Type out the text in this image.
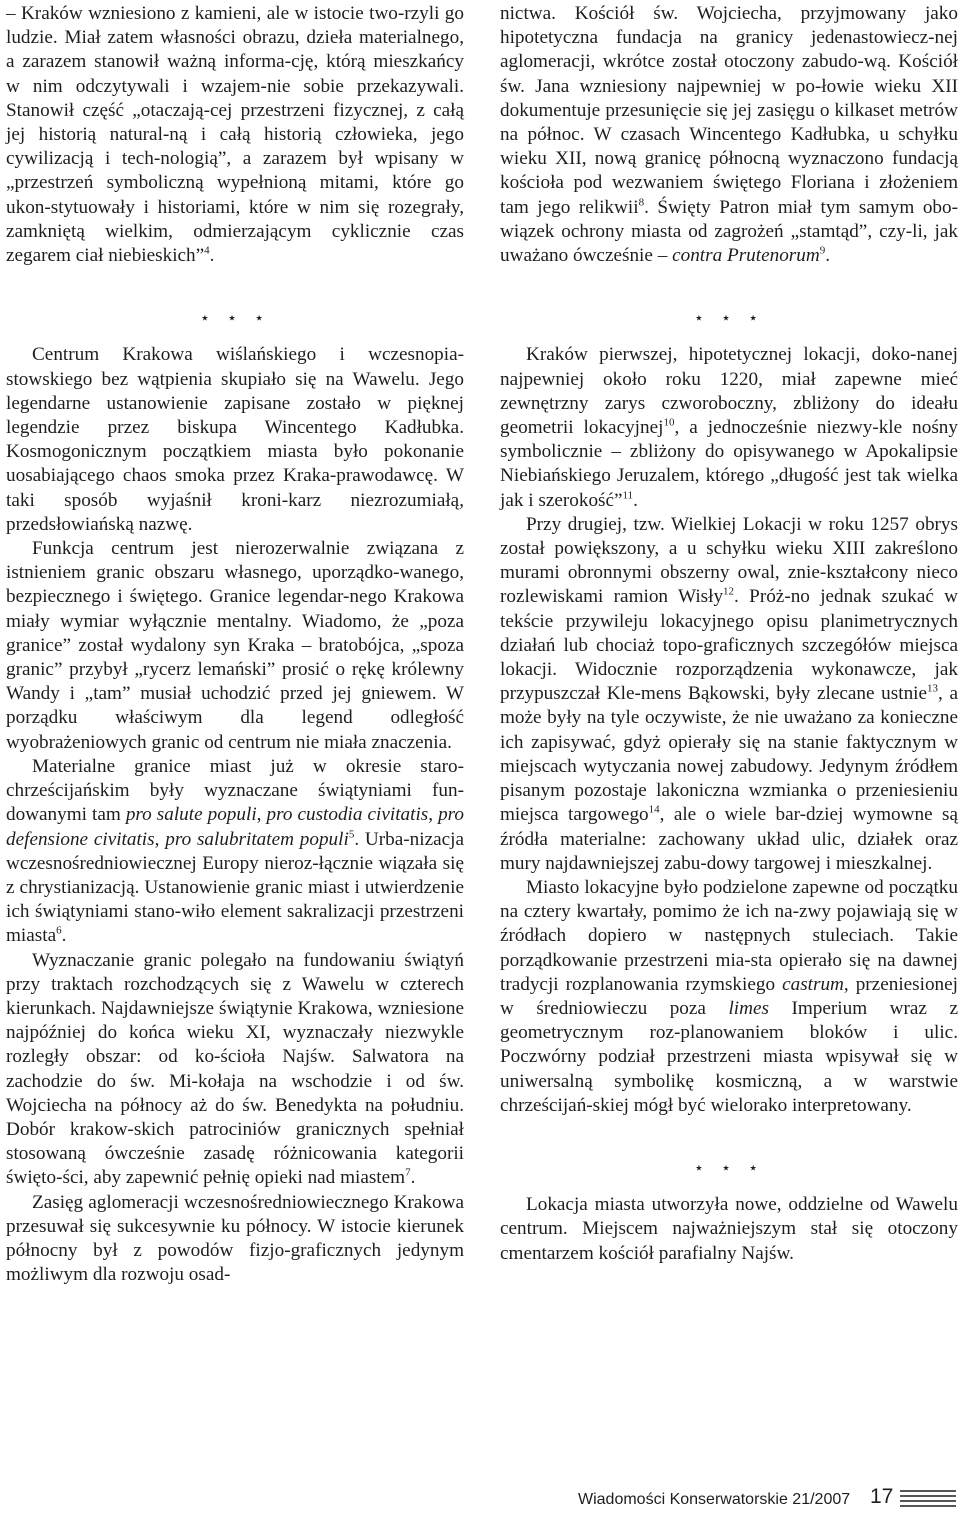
– Kraków wzniesiono z kamieni, ale w istocie two-rzyli go ludzie. Miał zatem własności obrazu, dzieła materialnego, a zarazem stanowił ważną informa-cję, którą mieszkańcy w nim odczytywali i wzajem-nie sobie przekazywali. Stanowił część „otaczają-cej przestrzeni fizycznej, z całą jej historią natural-ną i całą historią człowieka, jego cywilizacją i tech-nologią”, a zarazem był wpisany w „przestrzeń symboliczną wypełnioną mitami, które go ukon-stytuowały i historiami, które w nim się rozegrały, zamkniętą wielkim, odmierzającym cyklicznie czas zegarem ciał niebieskich”$^4$.

⋆ ⋆ ⋆

Centrum Krakowa wiślańskiego i wczesnopia-stowskiego bez wątpienia skupiało się na Wawelu. Jego legendarne ustanowienie zapisane zostało w pięknej legendzie przez biskupa Wincentego Kadłubka. Kosmogonicznym początkiem miasta było pokonanie uosabiającego chaos smoka przez Kraka-prawodawcę. W taki sposób wyjaśnił kroni-karz niezrozumiałą, przedsłowiańską nazwę.

Funkcja centrum jest nierozerwalnie związana z istnieniem granic obszaru własnego, uporządko-wanego, bezpiecznego i świętego. Granice legendar-nego Krakowa miały wymiar wyłącznie mentalny. Wiadomo, że „poza granice” został wydalony syn Kraka – bratobójca, „spoza granic” przybył „rycerz lemański” prosić o rękę królewny Wandy i „tam” musiał uchodzić przed jej gniewem. W porządku właściwym dla legend odległość wyobrażeniowych granic od centrum nie miała znaczenia.

Materialne granice miast już w okresie staro-chrześcijańskim były wyznaczane świątyniami fun-dowanymi tam pro salute populi, pro custodia civitatis, pro defensione civitatis, pro salubritatem populi$^5$. Urba-nizacja wczesnośredniowiecznej Europy nieroz-łącznie wiązała się z chrystianizacją. Ustanowienie granic miast i utwierdzenie ich świątyniami stano-wiło element sakralizacji przestrzeni miasta$^6$.

Wyznaczanie granic polegało na fundowaniu świątyń przy traktach rozchodzących się z Wawelu w czterech kierunkach. Najdawniejsze świątynie Krakowa, wzniesione najpóźniej do końca wieku XI, wyznaczały niezwykle rozległy obszar: od ko-ścioła Najśw. Salwatora na zachodzie do św. Mi-kołaja na wschodzie i od św. Wojciecha na północy aż do św. Benedykta na południu. Dobór krakow-skich patrociniów granicznych spełniał stosowaną ówcześnie zasadę różnicowania kategorii święto-ści, aby zapewnić pełnię opieki nad miastem$^7$.

Zasięg aglomeracji wczesnośredniowiecznego Krakowa przesuwał się sukcesywnie ku północy. W istocie kierunek północny był z powodów fizjo-graficznych jedynym możliwym dla rozwoju osad-

nictwa. Kościół św. Wojciecha, przyjmowany jako hipotetyczna fundacja na granicy jedenastowiecz-nej aglomeracji, wkrótce został otoczony zabudo-wą. Kościół św. Jana wzniesiony najpewniej w po-łowie wieku XII dokumentuje przesunięcie się jej zasięgu o kilkaset metrów na północ. W czasach Wincentego Kadłubka, u schyłku wieku XII, nową granicę północną wyznaczono fundacją kościoła pod wezwaniem świętego Floriana i złożeniem tam jego relikwii$^8$. Święty Patron miał tym samym obo-wiązek ochrony miasta od zagrożeń „stamtąd”, czy-li, jak uważano ówcześnie – contra Prutenorum$^9$.

⋆ ⋆ ⋆

Kraków pierwszej, hipotetycznej lokacji, doko-nanej najpewniej około roku 1220, miał zapewne mieć zewnętrzny zarys czworoboczny, zbliżony do ideału geometrii lokacyjnej$^{10}$, a jednocześnie niezwy-kle nośny symbolicznie – zbliżony do opisywanego w Apokalipsie Niebiańskiego Jeruzalem, którego „długość jest tak wielka jak i szerokość”$^{11}$.

Przy drugiej, tzw. Wielkiej Lokacji w roku 1257 obrys został powiększony, a u schyłku wieku XIII zakreślono murami obronnymi obszerny owal, znie-kształcony nieco rozlewiskami ramion Wisły$^{12}$. Próż-no jednak szukać w tekście przywileju lokacyjnego opisu planimetrycznych działań lub chociaż topo-graficznych szczegółów miejsca lokacji. Widocznie rozporządzenia wykonawcze, jak przypuszczał Kle-mens Bąkowski, były zlecane ustnie$^{13}$, a może były na tyle oczywiste, że nie uważano za konieczne ich zapisywać, gdyż opierały się na stanie faktycznym w miejscach wytyczania nowej zabudowy. Jedynym źródłem pisanym pozostaje lakoniczna wzmianka o przeniesieniu miejsca targowego$^{14}$, ale o wiele bar-dziej wymowne są źródła materialne: zachowany układ ulic, działek oraz mury najdawniejszej zabu-dowy targowej i mieszkalnej.

Miasto lokacyjne było podzielone zapewne od początku na cztery kwartały, pomimo że ich na-zwy pojawiają się w źródłach dopiero w następnych stuleciach. Takie porządkowanie przestrzeni mia-sta opierało się na dawnej tradycji rozplanowania rzymskiego castrum, przeniesionej w średniowieczu poza limes Imperium wraz z geometrycznym roz-planowaniem bloków i ulic. Poczwórny podział przestrzeni miasta wpisywał się w uniwersalną symbolikę kosmiczną, a w warstwie chrześcijań-skiej mógł być wielorako interpretowany.

⋆ ⋆ ⋆

Lokacja miasta utworzyła nowe, oddzielne od Wawelu centrum. Miejscem najważniejszym stał się otoczony cmentarzem kościół parafialny Najśw.

Wiadomości Konserwatorskie 21/2007 17
